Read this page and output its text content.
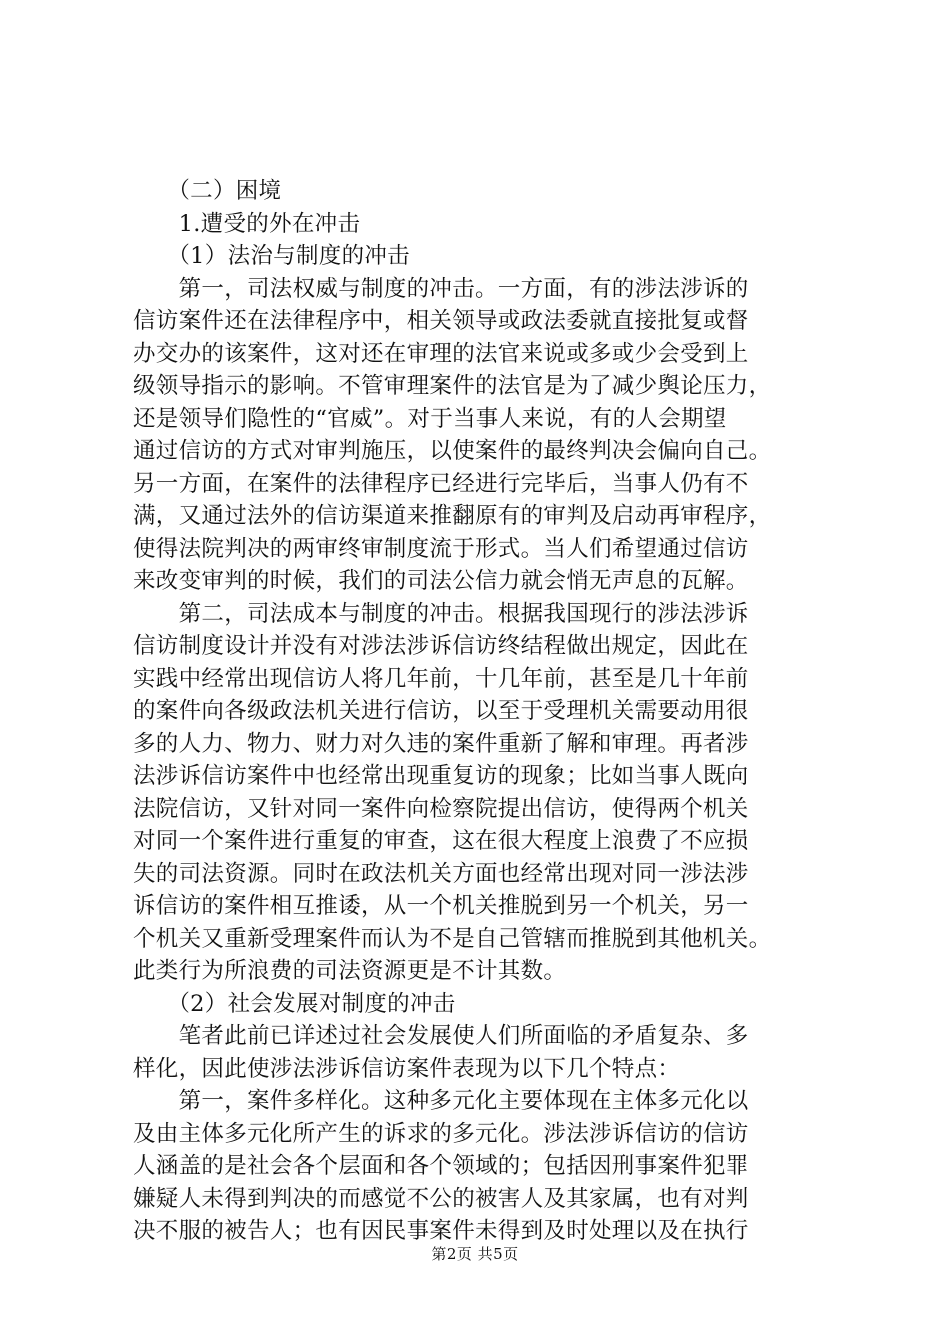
　　（二）困境
　　1.遭受的外在冲击
　　（1）法治与制度的冲击
　　第一，司法权威与制度的冲击。一方面，有的涉法涉诉的
信访案件还在法律程序中，相关领导或政法委就直接批复或督
办交办的该案件，这对还在审理的法官来说或多或少会受到上
级领导指示的影响。不管审理案件的法官是为了减少舆论压力，
还是领导们隐性的“官威”。对于当事人来说，有的人会期望
通过信访的方式对审判施压，以使案件的最终判决会偏向自己。
另一方面，在案件的法律程序已经进行完毕后，当事人仍有不
满，又通过法外的信访渠道来推翻原有的审判及启动再审程序，
使得法院判决的两审终审制度流于形式。当人们希望通过信访
来改变审判的时候，我们的司法公信力就会悄无声息的瓦解。
　　第二，司法成本与制度的冲击。根据我国现行的涉法涉诉
信访制度设计并没有对涉法涉诉信访终结程做出规定，因此在
实践中经常出现信访人将几年前，十几年前，甚至是几十年前
的案件向各级政法机关进行信访，以至于受理机关需要动用很
多的人力、物力、财力对久违的案件重新了解和审理。再者涉
法涉诉信访案件中也经常出现重复访的现象；比如当事人既向
法院信访，又针对同一案件向检察院提出信访，使得两个机关
对同一个案件进行重复的审查，这在很大程度上浪费了不应损
失的司法资源。同时在政法机关方面也经常出现对同一涉法涉
诉信访的案件相互推诿，从一个机关推脱到另一个机关，另一
个机关又重新受理案件而认为不是自己管辖而推脱到其他机关。
此类行为所浪费的司法资源更是不计其数。
　　（2）社会发展对制度的冲击
　　笔者此前已详述过社会发展使人们所面临的矛盾复杂、多
样化，因此使涉法涉诉信访案件表现为以下几个特点：
　　第一，案件多样化。这种多元化主要体现在主体多元化以
及由主体多元化所产生的诉求的多元化。涉法涉诉信访的信访
人涵盖的是社会各个层面和各个领域的；包括因刑事案件犯罪
嫌疑人未得到判决的而感觉不公的被害人及其家属，也有对判
决不服的被告人；也有因民事案件未得到及时处理以及在执行
第2页 共5页
